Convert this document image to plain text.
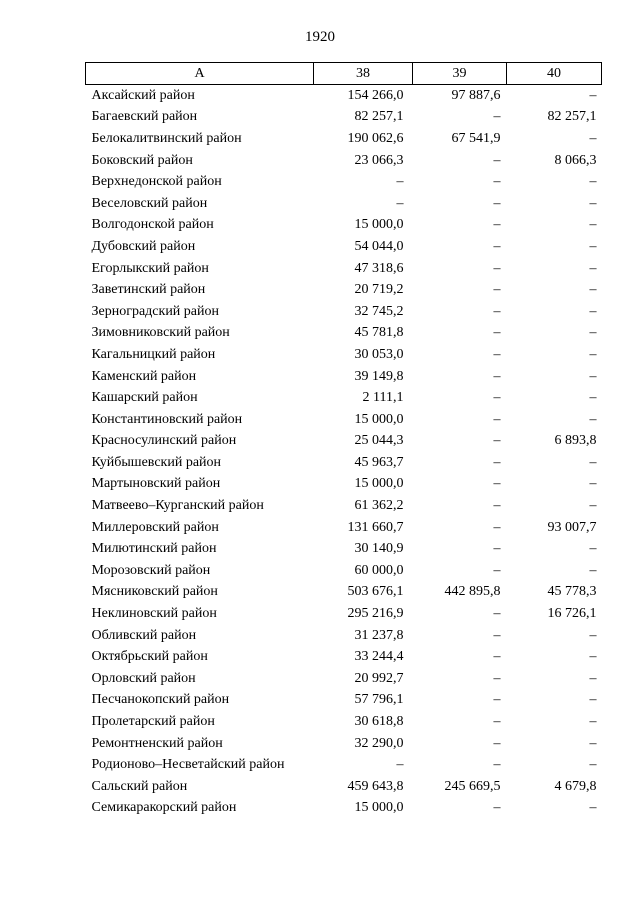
1920
А	38	39	40
Аксайский район	154 266,0	97 887,6	–
Багаевский район	82 257,1	–	82 257,1
Белокалитвинский район	190 062,6	67 541,9	–
Боковский район	23 066,3	–	8 066,3
Верхнедонской район	–	–	–
Веселовский район	–	–	–
Волгодонской район	15 000,0	–	–
Дубовский район	54 044,0	–	–
Егорлыкский район	47 318,6	–	–
Заветинский район	20 719,2	–	–
Зерноградский район	32 745,2	–	–
Зимовниковский район	45 781,8	–	–
Кагальницкий район	30 053,0	–	–
Каменский район	39 149,8	–	–
Кашарский район	2 111,1	–	–
Константиновский район	15 000,0	–	–
Красносулинский район	25 044,3	–	6 893,8
Куйбышевский район	45 963,7	–	–
Мартыновский район	15 000,0	–	–
Матвеево–Курганский район	61 362,2	–	–
Миллеровский район	131 660,7	–	93 007,7
Милютинский район	30 140,9	–	–
Морозовский район	60 000,0	–	–
Мясниковский район	503 676,1	442 895,8	45 778,3
Неклиновский район	295 216,9	–	16 726,1
Обливский район	31 237,8	–	–
Октябрьский район	33 244,4	–	–
Орловский район	20 992,7	–	–
Песчанокопский район	57 796,1	–	–
Пролетарский район	30 618,8	–	–
Ремонтненский район	32 290,0	–	–
Родионово–Несветайский район	–	–	–
Сальский район	459 643,8	245 669,5	4 679,8
Семикаракорский район	15 000,0	–	–
